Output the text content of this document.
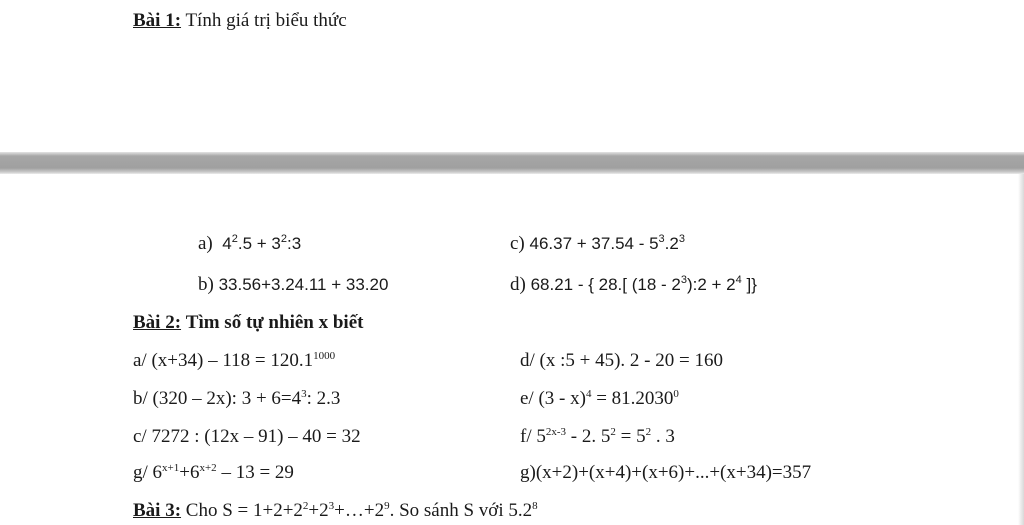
Bài 1: Tính giá trị biểu thức
a) $4^2.5$ + $3^2:3$	c) $46.37 + 37.54 - 5^3.2^3$
b) 33.56+3.24.11 + 33.20	d) 68.21 - { 28.[ $(18 - 2^3):2 + 2^4$ ]}
Bài 2: Tìm số tự nhiên x biết
a/ $(x+34) - 118 = 120.1^{1000}$	d/ (x :5 + 45). 2 - 20 = 160
b/ (320 – 2x): $3 + 6=4^3$: 2.3	e/ $(3 - x)^4 = 81.2030^0$
c/ 7272 : (12x – 91) – 40 = 32	f/ $5^{2x-3} - 2$. $5^2 = 5^2$ . 3
g/ $6^{x+1}+6^{x+2} - 13 = 29$	g)(x+2)+(x+4)+(x+6)+...+(x+34)=357
Bài 3: Cho $S = 1+2+2^2+2^3+\dots+2^9$. So sánh S với $5.2^8$
